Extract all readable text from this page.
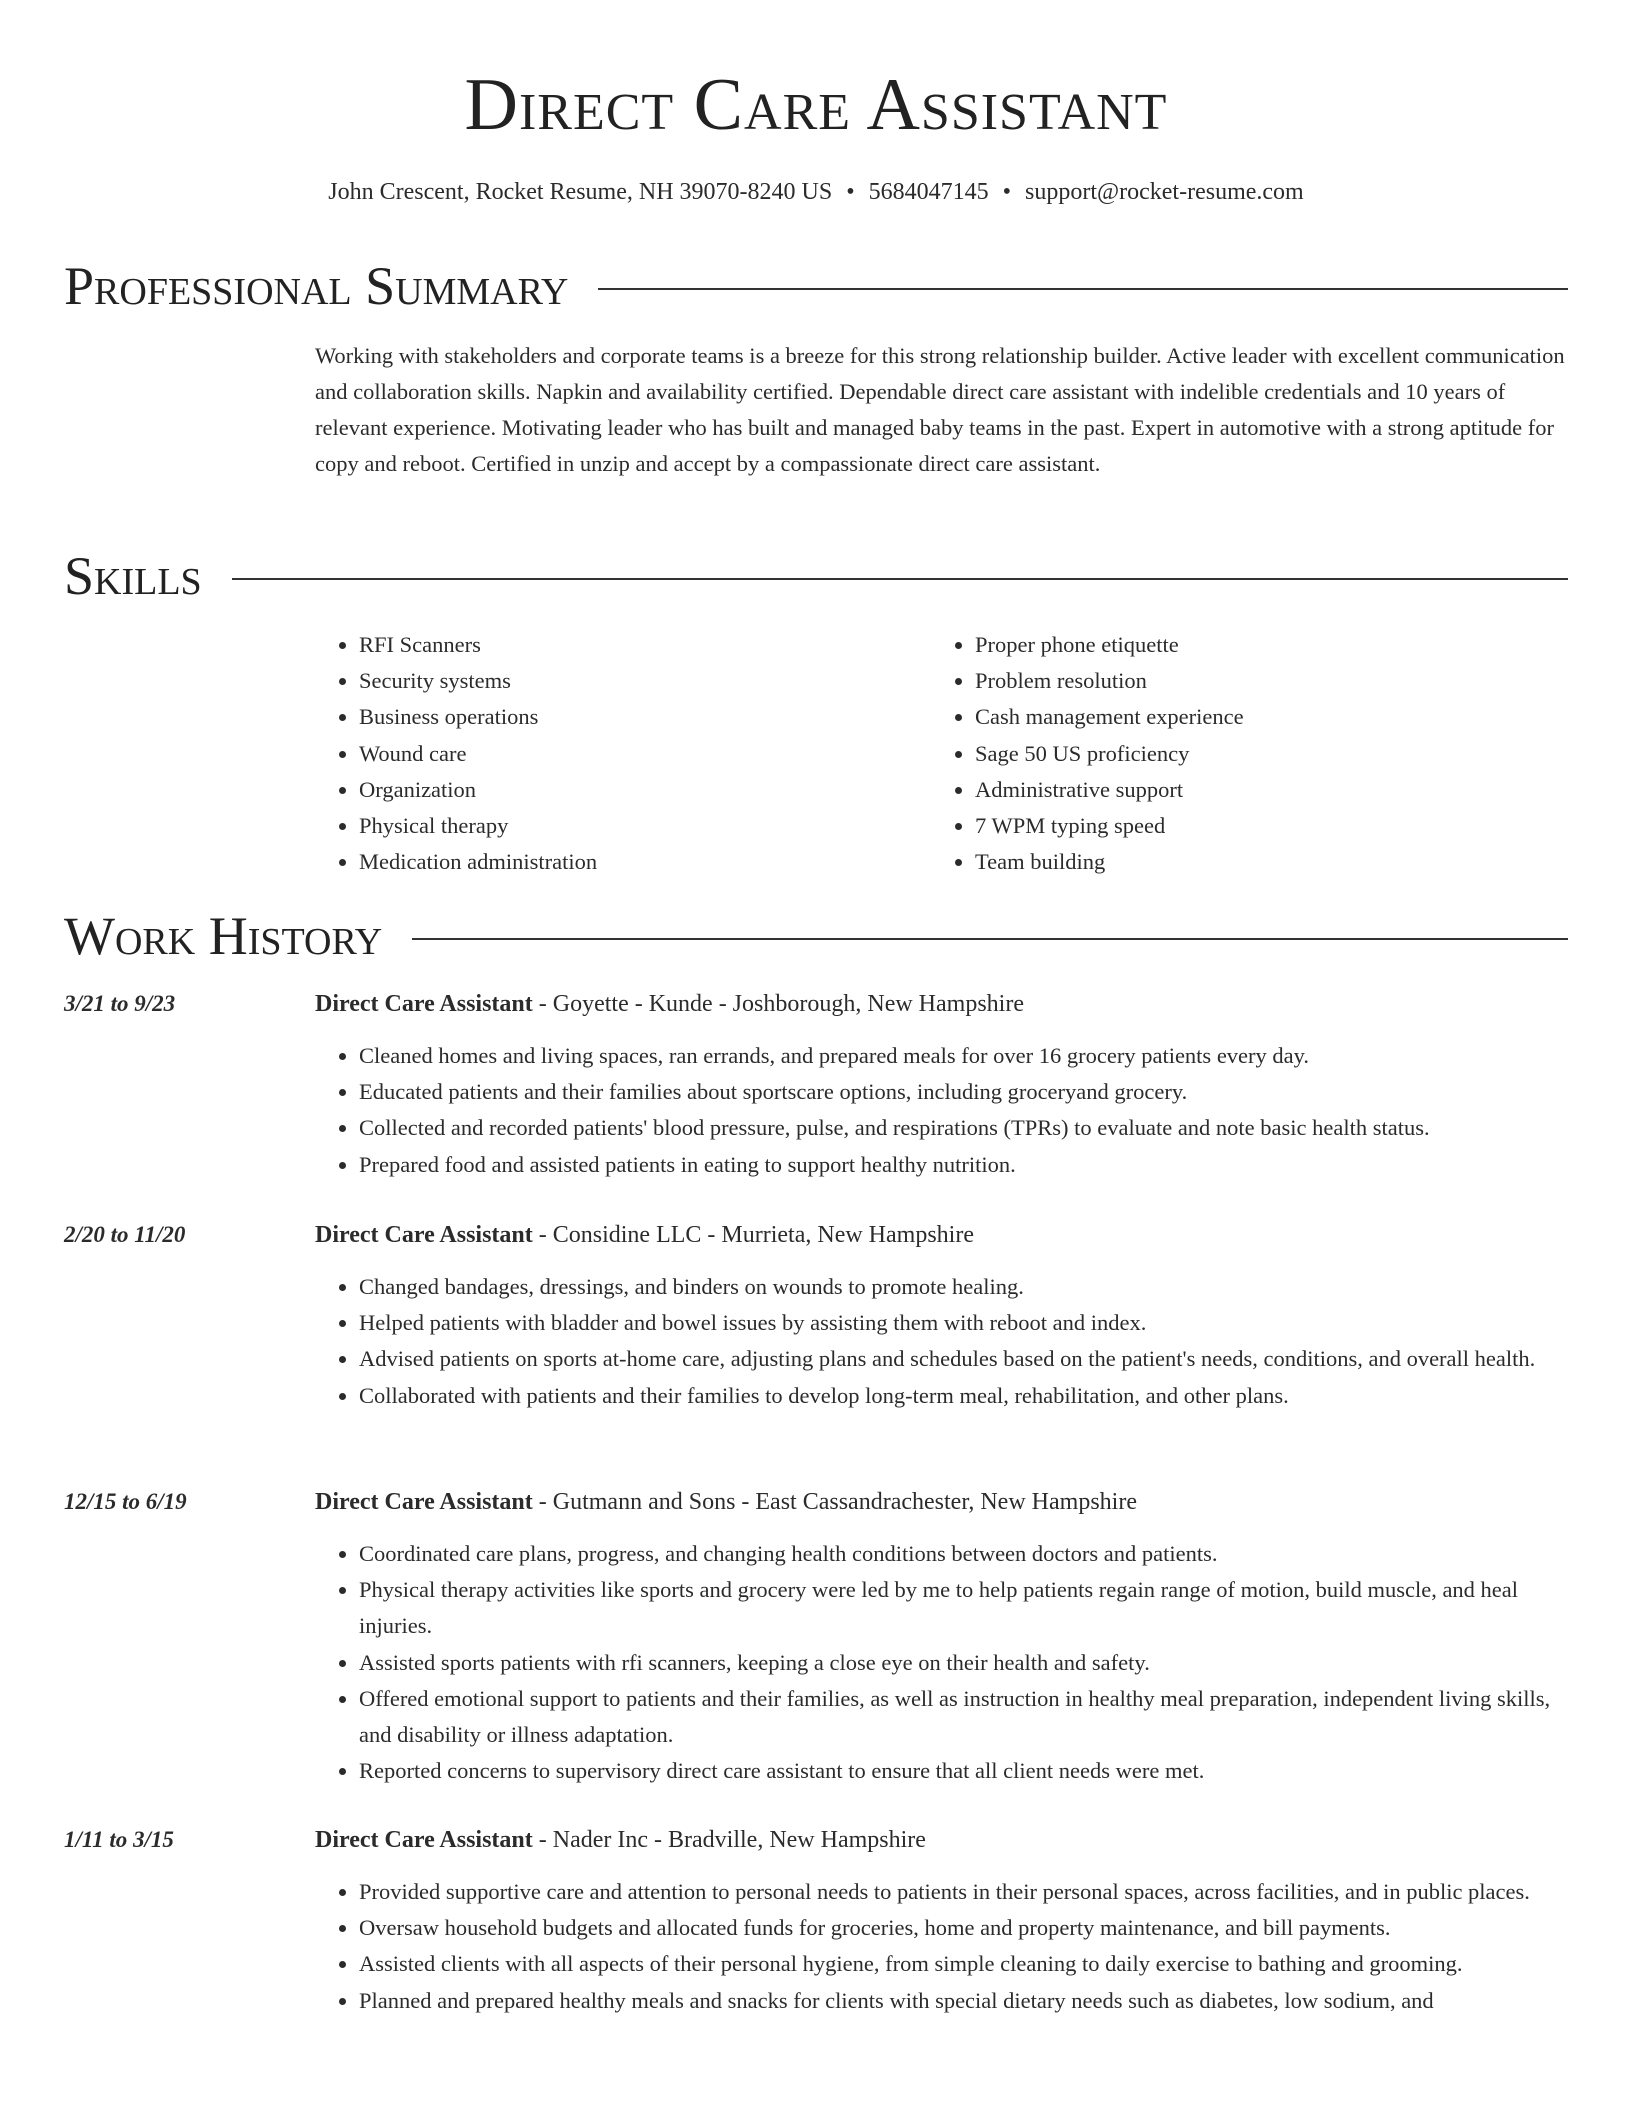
Direct Care Assistant
John Crescent, Rocket Resume, NH 39070-8240 US • 5684047145 • support@rocket-resume.com
Professional Summary

Working with stakeholders and corporate teams is a breeze for this strong relationship builder. Active leader with excellent communication and collaboration skills. Napkin and availability certified. Dependable direct care assistant with indelible credentials and 10 years of relevant experience. Motivating leader who has built and managed baby teams in the past. Expert in automotive with a strong aptitude for copy and reboot. Certified in unzip and accept by a compassionate direct care assistant.

Skills
• RFI Scanners
• Security systems
• Business operations
• Wound care
• Organization
• Physical therapy
• Medication administration
• Proper phone etiquette
• Problem resolution
• Cash management experience
• Sage 50 US proficiency
• Administrative support
• 7 WPM typing speed
• Team building
Work History
3/21 to 9/23	Direct Care Assistant - Goyette - Kunde - Joshborough, New Hampshire
• Cleaned homes and living spaces, ran errands, and prepared meals for over 16 grocery patients every day.
• Educated patients and their families about sportscare options, including groceryand grocery.
• Collected and recorded patients' blood pressure, pulse, and respirations (TPRs) to evaluate and note basic health status.
• Prepared food and assisted patients in eating to support healthy nutrition.
2/20 to 11/20	Direct Care Assistant - Considine LLC - Murrieta, New Hampshire
• Changed bandages, dressings, and binders on wounds to promote healing.
• Helped patients with bladder and bowel issues by assisting them with reboot and index.
• Advised patients on sports at-home care, adjusting plans and schedules based on the patient's needs, conditions, and overall health.
• Collaborated with patients and their families to develop long-term meal, rehabilitation, and other plans.
12/15 to 6/19	Direct Care Assistant - Gutmann and Sons - East Cassandrachester, New Hampshire
• Coordinated care plans, progress, and changing health conditions between doctors and patients.
• Physical therapy activities like sports and grocery were led by me to help patients regain range of motion, build muscle, and heal injuries.
• Assisted sports patients with rfi scanners, keeping a close eye on their health and safety.
• Offered emotional support to patients and their families, as well as instruction in healthy meal preparation, independent living skills, and disability or illness adaptation.
• Reported concerns to supervisory direct care assistant to ensure that all client needs were met.
1/11 to 3/15	Direct Care Assistant - Nader Inc - Bradville, New Hampshire
• Provided supportive care and attention to personal needs to patients in their personal spaces, across facilities, and in public places.
• Oversaw household budgets and allocated funds for groceries, home and property maintenance, and bill payments.
• Assisted clients with all aspects of their personal hygiene, from simple cleaning to daily exercise to bathing and grooming.
• Planned and prepared healthy meals and snacks for clients with special dietary needs such as diabetes, low sodium, and
